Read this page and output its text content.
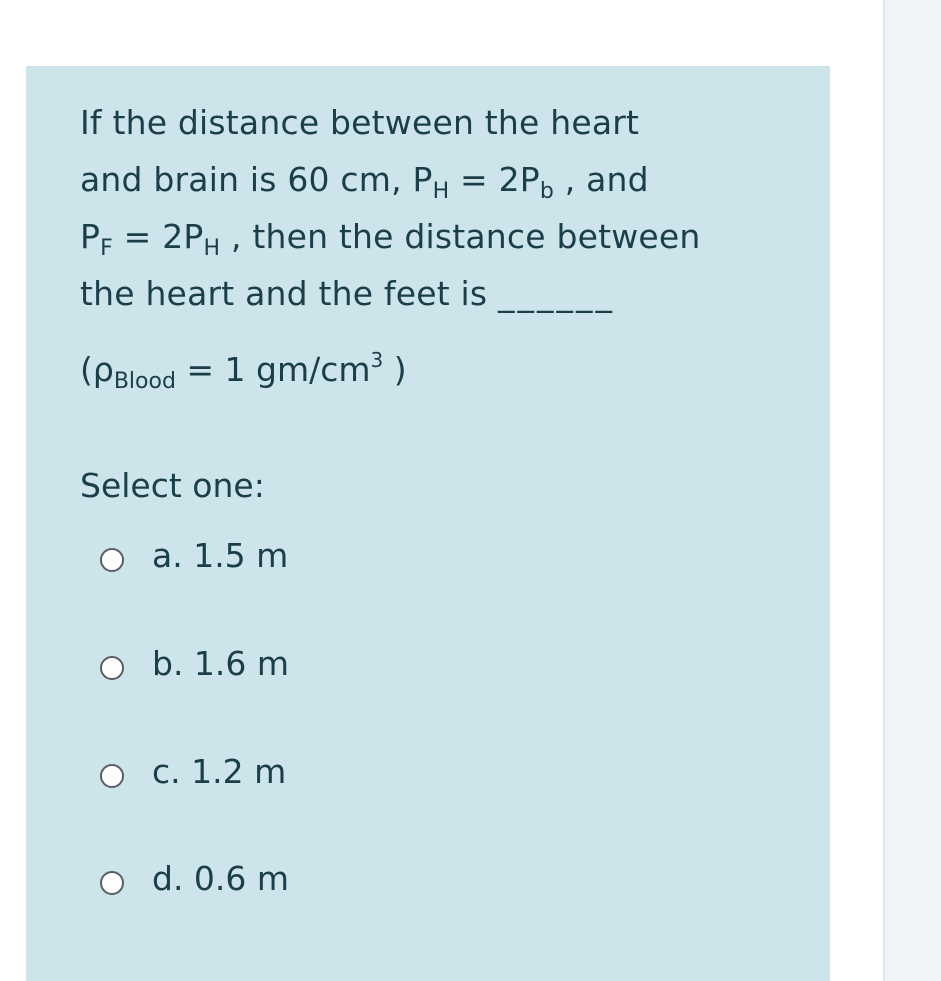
If the distance between the heart
and brain is 60 cm, $P_H = 2P_b$ , and
$P_F = 2P_H$ , then the distance between
the heart and the feet is ______
($\rho_{Blood} = 1$ $gm/cm^3$ )
Select one:
a. 1.5 m
b. 1.6 m
c. 1.2 m
d. 0.6 m
